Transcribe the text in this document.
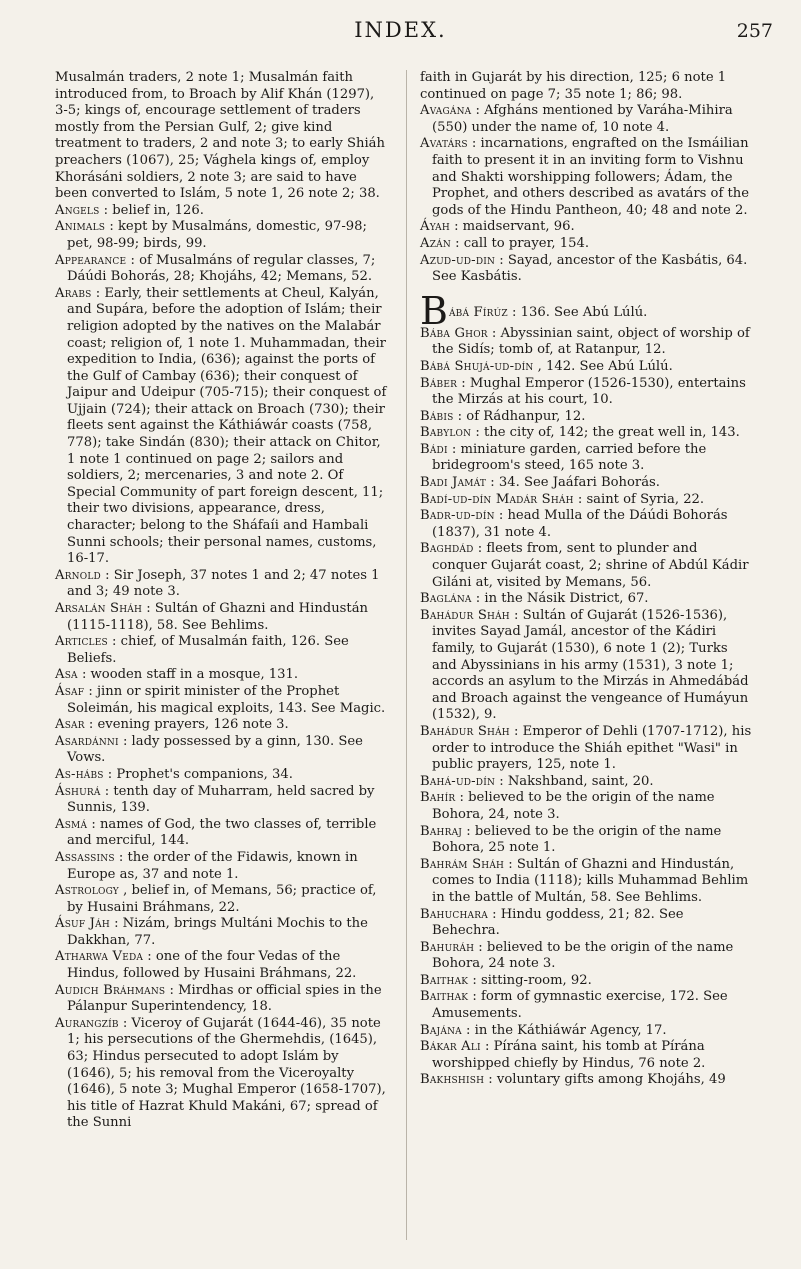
INDEX.	257

Musalmán traders, 2 note 1; Musalmán faith introduced from, to Broach by Alif Khán (1297), 3-5; kings of, encourage settlement of traders mostly from the Persian Gulf, 2; give kind treatment to traders, 2 and note 3; to early Shiáh preachers (1067), 25; Vághela kings of, employ Khorásáni soldiers, 2 note 3; are said to have been converted to Islám, 5 note 1, 26 note 2; 38.

Angels : belief in, 126.

Animals : kept by Musalmáns, domestic, 97-98; pet, 98-99; birds, 99.

Appearance : of Musalmáns of regular classes, 7; Dáúdi Bohorás, 28; Khojáhs, 42; Memans, 52.

Arabs : Early, their settlements at Cheul, Kalyán, and Supára, before the adoption of Islám; their religion adopted by the natives on the Malabár coast; religion of, 1 note 1. Muhammadan, their expedition to India, (636); against the ports of the Gulf of Cambay (636); their conquest of Jaipur and Udeipur (705-715); their conquest of Ujjain (724); their attack on Broach (730); their fleets sent against the Káthiáwár coasts (758, 778); take Sindán (830); their attack on Chitor, 1 note 1 continued on page 2; sailors and soldiers, 2; mercenaries, 3 and note 2. Of Special Community of part foreign descent, 11; their two divisions, appearance, dress, character; belong to the Sháfaíi and Hambali Sunni schools; their personal names, customs, 16-17.

Arnold : Sir Joseph, 37 notes 1 and 2; 47 notes 1 and 3; 49 note 3.

Arsalán Sháh : Sultán of Ghazni and Hindustán (1115-1118), 58. See Behlims.

Articles : chief, of Musalmán faith, 126. See Beliefs.

Asa : wooden staff in a mosque, 131.

Ásaf : jinn or spirit minister of the Prophet Soleimán, his magical exploits, 143. See Magic.

Asar : evening prayers, 126 note 3.

Asardánni : lady possessed by a ginn, 130. See Vows.

As-hábs : Prophet's companions, 34.

Áshurá : tenth day of Muharram, held sacred by Sunnis, 139.

Asmá : names of God, the two classes of, terrible and merciful, 144.

Assassins : the order of the Fidawis, known in Europe as, 37 and note 1.

Astrology , belief in, of Memans, 56; practice of, by Husaini Bráhmans, 22.

Ásuf Jáh : Nizám, brings Multáni Mochis to the Dakkhan, 77.

Atharwa Veda : one of the four Vedas of the Hindus, followed by Husaini Bráhmans, 22.

Audich Bráhmans : Mirdhas or official spies in the Pálanpur Superintendency, 18.

Aurangzíb : Viceroy of Gujarát (1644-46), 35 note 1; his persecutions of the Ghermehdis, (1645), 63; Hindus persecuted to adopt Islám by (1646), 5; his removal from the Viceroyalty (1646), 5 note 3; Mughal Emperor (1658-1707), his title of Hazrat Khuld Makáni, 67; spread of the Sunni

faith in Gujarát by his direction, 125; 6 note 1 continued on page 7; 35 note 1; 86; 98.

Avagána : Afgháns mentioned by Varáha-Mihira (550) under the name of, 10 note 4.

Avatárs : incarnations, engrafted on the Ismáilian faith to present it in an inviting form to Vishnu and Shakti worshipping followers; Ádam, the Prophet, and others described as avatárs of the gods of the Hindu Pantheon, 40; 48 and note 2.

Áyah : maidservant, 96.

Azán : call to prayer, 154.

Azud-ud-din : Sayad, ancestor of the Kasbátis, 64. See Kasbátis.

Bábá Fírúz : 136. See Abú Lúlú.

Bába Ghor : Abyssinian saint, object of worship of the Sidís; tomb of, at Ratanpur, 12.

Bábá Shujá-ud-dín , 142. See Abú Lúlú.

Báber : Mughal Emperor (1526-1530), entertains the Mirzás at his court, 10.

Bábis : of Rádhanpur, 12.

Babylon : the city of, 142; the great well in, 143.

Bádi : miniature garden, carried before the bridegroom's steed, 165 note 3.

Badi Jamát : 34. See Jaáfari Bohorás.

Badí-ud-dín Madár Sháh : saint of Syria, 22.

Badr-ud-dín : head Mulla of the Dáúdi Bohorás (1837), 31 note 4.

Baghdád : fleets from, sent to plunder and conquer Gujarát coast, 2; shrine of Abdúl Kádir Giláni at, visited by Memans, 56.

Baglána : in the Násik District, 67.

Bahádur Sháh : Sultán of Gujarát (1526-1536), invites Sayad Jamál, ancestor of the Kádiri family, to Gujarát (1530), 6 note 1 (2); Turks and Abyssinians in his army (1531), 3 note 1; accords an asylum to the Mirzás in Ahmedábád and Broach against the vengeance of Humáyun (1532), 9.

Bahádur Sháh : Emperor of Dehli (1707-1712), his order to introduce the Shiáh epithet "Wasi" in public prayers, 125, note 1.

Bahá-ud-dín : Nakshband, saint, 20.

Bahír : believed to be the origin of the name Bohora, 24, note 3.

Bahraj : believed to be the origin of the name Bohora, 25 note 1.

Bahrám Sháh : Sultán of Ghazni and Hindustán, comes to India (1118); kills Muhammad Behlim in the battle of Multán, 58. See Behlims.

Bahuchara : Hindu goddess, 21; 82. See Behechra.

Bahuráh : believed to be the origin of the name Bohora, 24 note 3.

Baithak : sitting-room, 92.

Baithak : form of gymnastic exercise, 172. See Amusements.

Bajána : in the Káthiáwár Agency, 17.

Bákar Ali : Pírána saint, his tomb at Pírána worshipped chiefly by Hindus, 76 note 2.

Bakhshish : voluntary gifts among Khojáhs, 49
